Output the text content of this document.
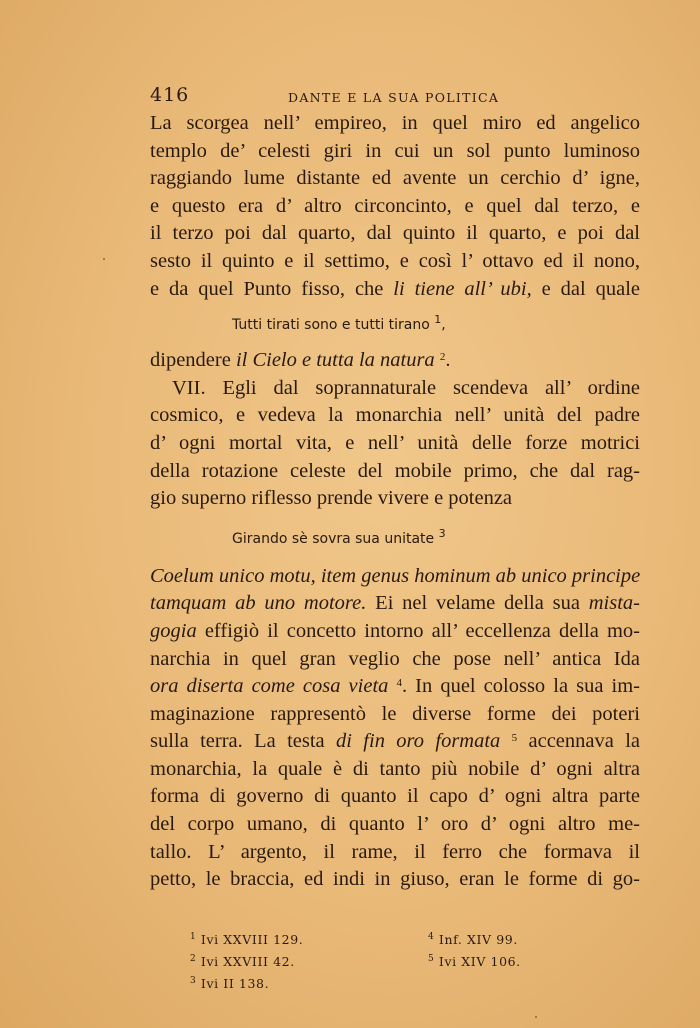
416	DANTE E LA SUA POLITICA
La scorgea nell’ empireo, in quel miro ed angelico
templo de’ celesti giri in cui un sol punto luminoso
raggiando lume distante ed avente un cerchio d’ igne,
e questo era d’ altro circoncinto, e quel dal terzo, e
il terzo poi dal quarto, dal quinto il quarto, e poi dal
sesto il quinto e il settimo, e così l’ ottavo ed il nono,
e da quel Punto fisso, che li tiene all’ ubi, e dal quale
Tutti tirati sono e tutti tirano $^1$,
dipendere il Cielo e tutta la natura $^2$.
VII. Egli dal soprannaturale scendeva all’ ordine
cosmico, e vedeva la monarchia nell’ unità del padre
d’ ogni mortal vita, e nell’ unità delle forze motrici
della rotazione celeste del mobile primo, che dal rag-
gio superno riflesso prende vivere e potenza
Girando sè sovra sua unitate $^3$
Coelum unico motu, item genus hominum ab unico principe
tamquam ab uno motore. Ei nel velame della sua mista-
gogia effigiò il concetto intorno all’ eccellenza della mo-
narchia in quel gran veglio che pose nell’ antica Ida
ora diserta come cosa vieta $^4$. In quel colosso la sua im-
maginazione rappresentò le diverse forme dei poteri
sulla terra. La testa di fin oro formata $^5$ accennava la
monarchia, la quale è di tanto più nobile d’ ogni altra
forma di governo di quanto il capo d’ ogni altra parte
del corpo umano, di quanto l’ oro d’ ogni altro me-
tallo. L’ argento, il rame, il ferro che formava il
petto, le braccia, ed indi in giuso, eran le forme di go-
$^1$ Ivi XXVIII 129.
$^2$ Ivi XXVIII 42.
$^3$ Ivi II 138.
$^4$ Inf. XIV 99.
$^5$ Ivi XIV 106.
